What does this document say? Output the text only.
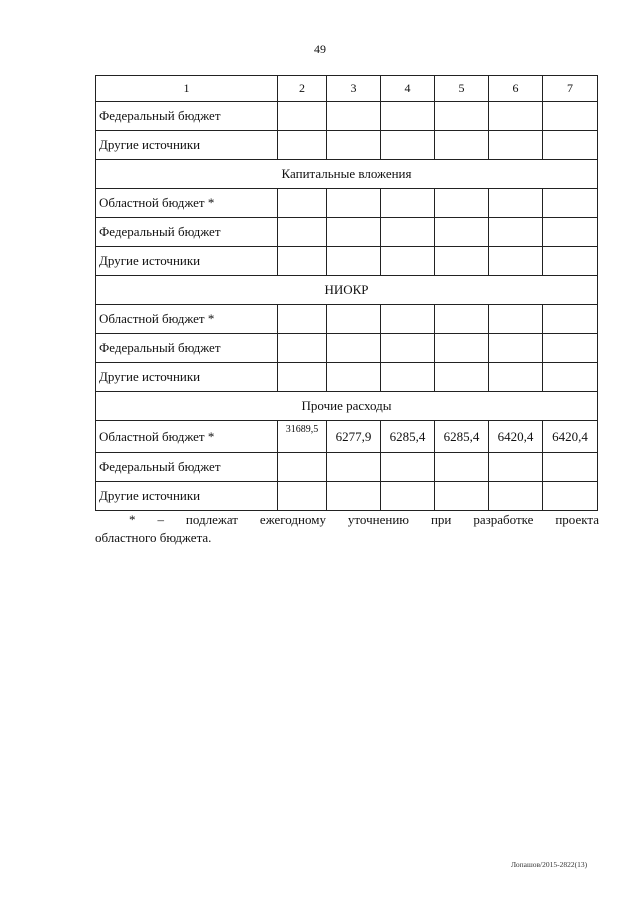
49
1	2	3	4	5	6	7
Федеральный бюджет						
Другие источники						
Капитальные вложения						
Областной бюджет *						
Федеральный бюджет						
Другие источники						
НИОКР						
Областной бюджет *						
Федеральный бюджет						
Другие источники						
Прочие расходы						
Областной бюджет *	31689,5	6277,9	6285,4	6285,4	6420,4	6420,4
Федеральный бюджет						
Другие источники						
* – подлежат ежегодному уточнению при разработке проекта
областного бюджета.
Лопашов/2015-2822(13)
